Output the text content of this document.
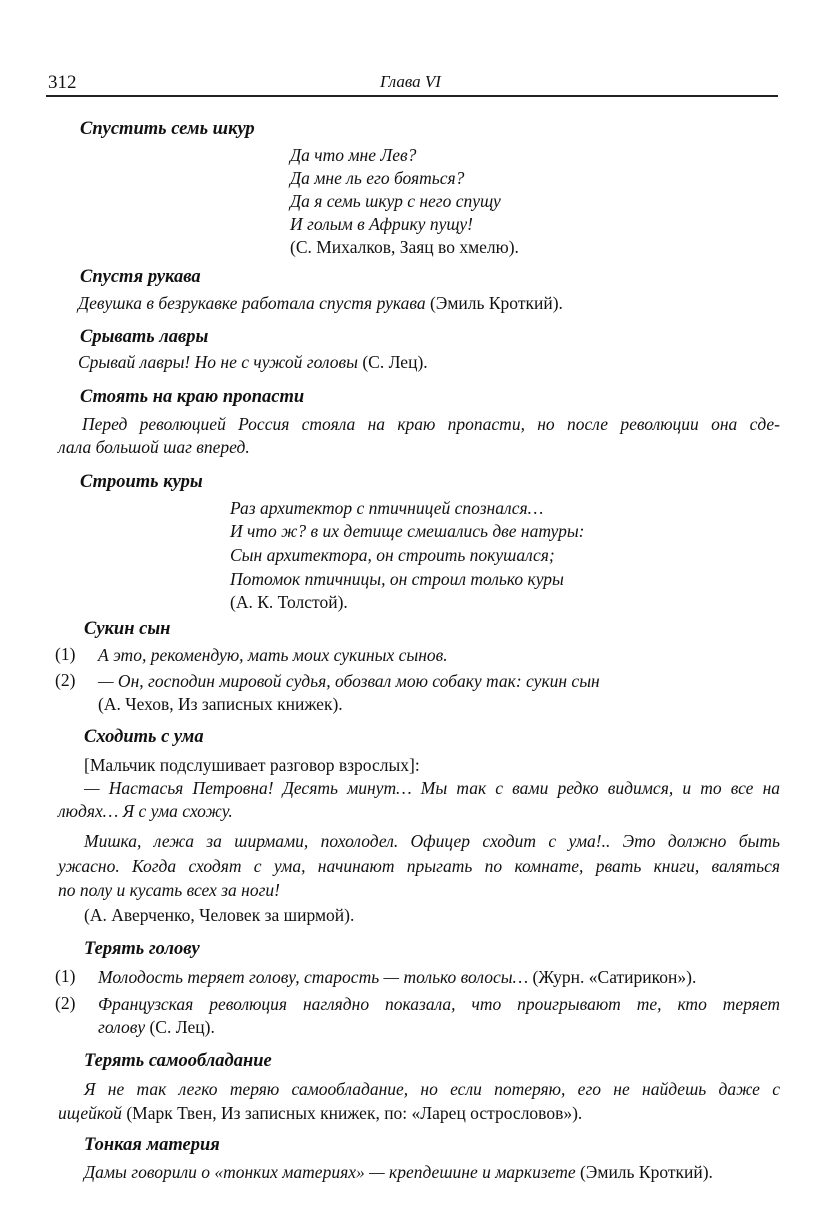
312	Глава VI
Спустить семь шкур
Да что мне Лев?
Да мне ль его бояться?
Да я семь шкур с него спущу
И голым в Африку пущу!
(С. Михалков, Заяц во хмелю).
Спустя рукава
Девушка в безрукавке работала спустя рукава (Эмиль Кроткий).
Срывать лавры
Срывай лавры! Но не с чужой головы (С. Лец).
Стоять на краю пропасти
Перед революцией Россия стояла на краю пропасти, но после революции она сде-
лала большой шаг вперед.
Строить куры
Раз архитектор с птичницей спознался…
И что ж? в их детище смешались две натуры:
Сын архитектора, он строить покушался;
Потомок птичницы, он строил только куры
(А. К. Толстой).
Сукин сын
(1) А это, рекомендую, мать моих сукиных сынов.
(2) — Он, господин мировой судья, обозвал мою собаку так: сукин сын
(А. Чехов, Из записных книжек).
Сходить с ума
[Мальчик подслушивает разговор взрослых]:
— Настасья Петровна! Десять минут… Мы так с вами редко видимся, и то все на
людях… Я с ума схожу.
Мишка, лежа за ширмами, похолодел. Офицер сходит с ума!.. Это должно быть
ужасно. Когда сходят с ума, начинают прыгать по комнате, рвать книги, валяться
по полу и кусать всех за ноги!
(А. Аверченко, Человек за ширмой).
Терять голову
(1) Молодость теряет голову, старость — только волосы… (Журн. «Сатирикон»).
(2) Французская революция наглядно показала, что проигрывают те, кто теряет
голову (С. Лец).
Терять самообладание
Я не так легко теряю самообладание, но если потеряю, его не найдешь даже с
ищейкой (Марк Твен, Из записных книжек, по: «Ларец острословов»).
Тонкая материя
Дамы говорили о «тонких материях» — крепдешине и маркизете (Эмиль Кроткий).
